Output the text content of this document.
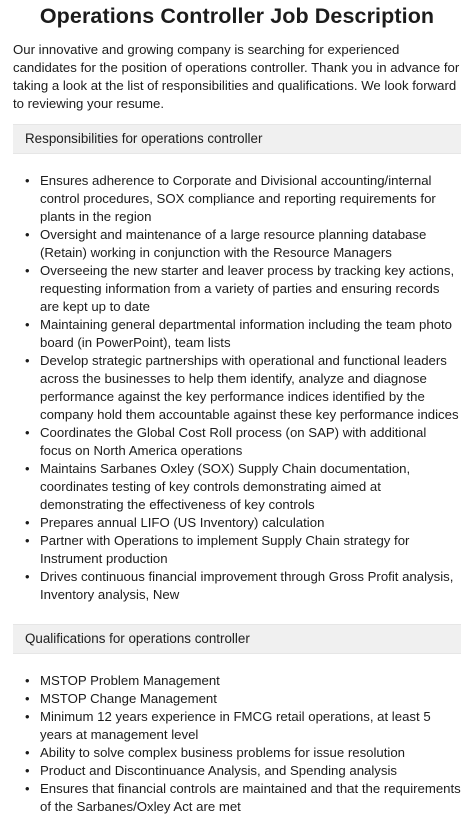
Operations Controller Job Description

Our innovative and growing company is searching for experienced candidates for the position of operations controller. Thank you in advance for taking a look at the list of responsibilities and qualifications. We look forward to reviewing your resume.

Responsibilities for operations controller
• Ensures adherence to Corporate and Divisional accounting/internal control procedures, SOX compliance and reporting requirements for plants in the region
• Oversight and maintenance of a large resource planning database (Retain) working in conjunction with the Resource Managers
• Overseeing the new starter and leaver process by tracking key actions, requesting information from a variety of parties and ensuring records are kept up to date
• Maintaining general departmental information including the team photo board (in PowerPoint), team lists
• Develop strategic partnerships with operational and functional leaders across the businesses to help them identify, analyze and diagnose performance against the key performance indices identified by the company hold them accountable against these key performance indices
• Coordinates the Global Cost Roll process (on SAP) with additional focus on North America operations
• Maintains Sarbanes Oxley (SOX) Supply Chain documentation, coordinates testing of key controls demonstrating aimed at demonstrating the effectiveness of key controls
• Prepares annual LIFO (US Inventory) calculation
• Partner with Operations to implement Supply Chain strategy for Instrument production
• Drives continuous financial improvement through Gross Profit analysis, Inventory analysis, New
Qualifications for operations controller
• MSTOP Problem Management
• MSTOP Change Management
• Minimum 12 years experience in FMCG retail operations, at least 5 years at management level
• Ability to solve complex business problems for issue resolution
• Product and Discontinuance Analysis, and Spending analysis
• Ensures that financial controls are maintained and that the requirements of the Sarbanes/Oxley Act are met
